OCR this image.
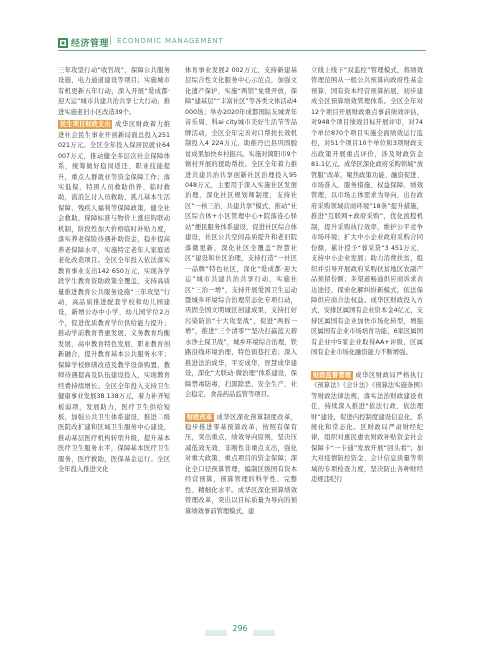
经济管理 | ECONOMIC MANAGEMENT

三年攻坚行动“收官战”，保障公共服务设施、电力通道建设等项目；实施城市有机更新五年行动，深入开展“爱成都·迎大运”城市共建共治共享七大行动，推进实施老旧小区改造39个。

民生项目财政支出 成华区财政着力推进社会民生事业开创新局面总投入251 021万元。全区全年投入保居民就业64 007万元，推动健全多层次社会保障体系，统筹做好稳岗返还、职业技能提升，重点人群就业等资金保障工作；落实低保，特困人员救助供养、临时救助，流浪乞讨人员救助、孤儿基本生活保障、残疾人福利等保障政策，健全社会救助，保障标准与物价上涨挂钩联动机制，阶段性加大价格临时补贴力度，落实养老保险待遇补助资金，稳步提高养老保障水平，实施特定老年人家庭适老化改造项目。全区全年投入依法落实教育事业支出142 650万元，实现各学段学生教育资助政策全覆盖，支持高质量推进教育公共服务设施“三年攻坚”行动，高品质推进配套学校和幼儿园建设，新增公办中小学、幼儿园学位2万个，促进优质教育学位供给能力提升；推动学前教育普惠发展、义务教育均衡发展、高中教育特色发展、职业教育创新融合，提升教育基本公共服务水平；保障学校修缮改造及教学设备购置，教师待遇提高及队伍建设投入，实现教育经费持续增长。全区全年投入支持卫生健康事业发展38 138万元，着力补齐短板弱项，发展助力，医疗卫生供给短板，加强公共卫生体系建设，推进二级医院改扩建和区域卫生服务中心建设，推动基层医疗机构转型升级，提升基本医疗卫生服务水平，保障基本医疗卫生服务，医疗救助，医保基金运行。全区全年投入推进文化

体育事业发展2 002万元，支持新建基层综合性文化服务中心示范点，加强文化遗产保护，实施“两馆”免费开放，保障“建基层”“丰富社区”等各类文体活动4 000场；举办2020年成都国际友城青年音乐周、科ai city城市美好生活节等品牌活动，全区全年完善对口帮扶长效机制投入4 224万元，助推丹巴县巩固脱贫成果加快乡村振兴。实施对简阳市9个镇村开展的援助帮扶。全区全年着力推进共建共治共享创新社区治理投入95 048万元，主要用于深入实施社区发展治理，深化社区规划师制度，支持社区“一核三治、共建共享”模式，推动“社区综合体+小区管理中心+院落连心驿站”便民服务体系建设，促进社区综合体建设，社区公共空间品质提升和老旧院落微更新，深化社区全覆盖“智慧社区”建设和社区治理，支持打造“一社区一品牌”特色社区，深化“爱成都·迎大运”城市共建共治共享行动，实施社区“三治一增”，支持开展爱国卫生运动暨城乡环境综合治理常态化专项行动，巩固全国文明城区创建成果，支持打好污染防治“十大攻坚战”，促进“两拆一增”，推进“三个清零”“坚决打赢蓝天碧水净土保卫战”，城乡环境综合治理，铁路沿线环境治理，特色街巷打造；深入推进法治成华，平安成华，智慧成华建设，深化“大联动·微治理”体系建设，保障禁毒防毒，扫黑除恶，安全生产，社会稳定，食品药品监管等项目。

财政改革 成华区深化预算制度改革，稳步推进零基预算改革，按照有保有压，突出重点，绩效导向原则，坚决压减低效无效、非刚性非重点支出，强化对重大政策、重点项目的资金保障；深化全口径预算管理，编制区级国有资本经营预算，预算管理的科学性、完整性、精细化水平。成华区深化预算绩效管理改革，突出以目标质量为导向的预算绩效事前管理模式，建

立线上线下“双监控”管理模式，将绩效管理范围从一般公共预算向政府性基金预算、国有资本经营预算拓展，初步建成全区预算绩效管理体系。全区全年对12个项目开展财政重点事前绩效评估，对948个项目绩效目标开展评审，对74个单位870个项目实施全面绩效运行监控，对51个项目10个单位和3项财政支出政策开展重点评价，涉及财政资金81.1亿元。成华区深化政府采购领域“放管服”改革，聚焦政策功能、融资促进、市场准入、服务措施、权益保障、绩效管理，以市场主体需求为导向，出台政府采购领域营商环境“18条”提升措施，推进“互联网+政府采购”，优化流程机制，提升采购执行效率，维护公平竞争市场环境；扩大中小企业政府采购合同份额，累计授予“蓉采贷”3 451万元，支持中小企业发展；助力消费扶贫，组织并引导开展政府采购扶贫地区农副产品预留份额；多渠道畅通供应商诉求表达途径，探索化解纠纷新模式，依法保障供应商合法权益。成华区财政投入方式，安排区属国有企业资本金4亿元，支持区属国有企业加快市场化转型，增强区属国有企业市场培育功能，6家区属国有企业中5家企业取得AA+评级，区属国有企业市场化融资能力不断增强。

财政监督管理 成华区财政局严格执行《预算法》《会计法》《预算法实施条例》等财政法律法规，落实法治财政建设责任，持续深入推进“依法行政、依法理财”建设，促进内控制度建设信息化、系统化和常态化。区财政局严肃财经纪律，组织对惠民惠农财政补贴资金社会保障卡“一卡通”发放开展“回头看”；加大对疫情防控资金、会计信息质量等领域的专项检查力度，坚决防止各种财经违规违纪行

296
